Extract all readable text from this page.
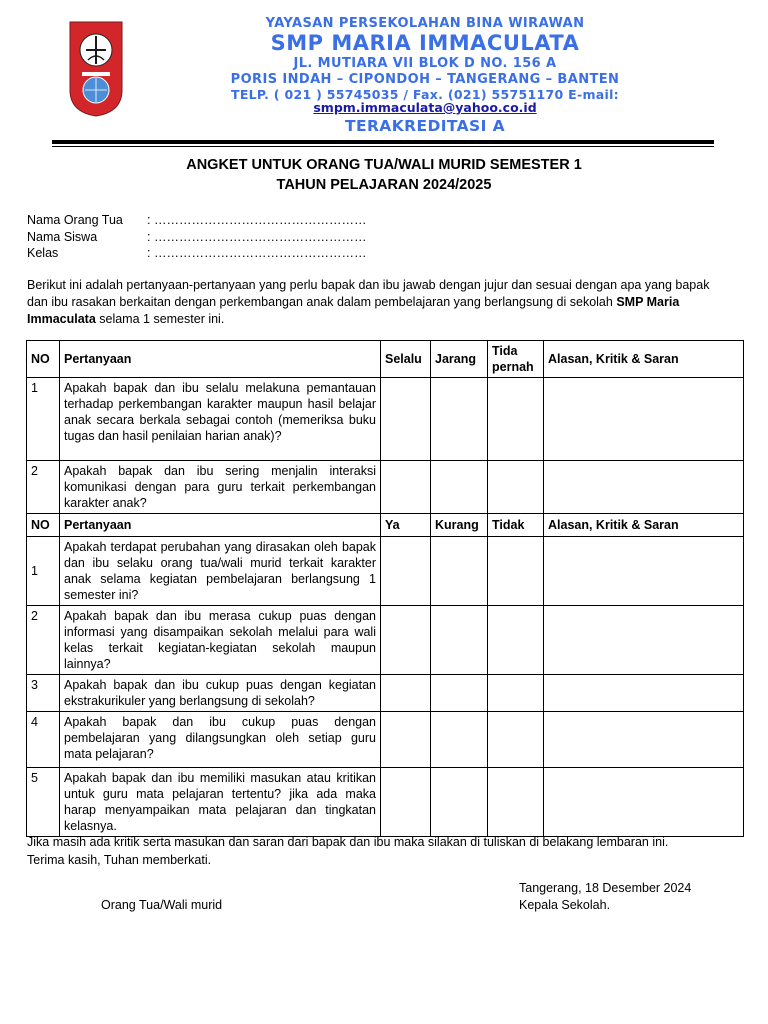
YAYASAN PERSEKOLAHAN BINA WIRAWAN
SMP MARIA IMMACULATA
JL. MUTIARA VII BLOK D NO. 156 A
PORIS INDAH – CIPONDOH – TANGERANG – BANTEN
TELP. ( 021 ) 55745035 / Fax. (021) 55751170 E-mail:
smpm.immaculata@yahoo.co.id
TERAKREDITASI A
ANGKET UNTUK ORANG TUA/WALI MURID SEMESTER 1
TAHUN PELAJARAN 2024/2025
Nama Orang Tua : ……………………………………………
Nama Siswa	: ……………………………………………
Kelas	: ……………………………………………
Berikut ini adalah pertanyaan-pertanyaan yang perlu bapak dan ibu jawab dengan jujur dan sesuai dengan apa yang bapak dan ibu rasakan berkaitan dengan perkembangan anak dalam pembelajaran yang berlangsung di sekolah SMP Maria Immaculata selama 1 semester ini.
NO	Pertanyaan	Selalu	Jarang	Tida pernah	Alasan, Kritik & Saran
1	Apakah bapak dan ibu selalu melakuna pemantauan terhadap perkembangan karakter maupun hasil belajar anak secara berkala sebagai contoh (memeriksa buku tugas dan hasil penilaian harian anak)?				
2	Apakah bapak dan ibu sering menjalin interaksi komunikasi dengan para guru terkait perkembangan karakter anak?				
NO	Pertanyaan	Ya	Kurang	Tidak	Alasan, Kritik & Saran
1	Apakah terdapat perubahan yang dirasakan oleh bapak dan ibu selaku orang tua/wali murid terkait karakter anak selama kegiatan pembelajaran berlangsung 1 semester ini?				
2	Apakah bapak dan ibu merasa cukup puas dengan informasi yang disampaikan sekolah melalui para wali kelas terkait kegiatan-kegiatan sekolah maupun lainnya?				
3	Apakah bapak dan ibu cukup puas dengan kegiatan ekstrakurikuler yang berlangsung di sekolah?				
4	Apakah bapak dan ibu cukup puas dengan pembelajaran yang dilangsungkan oleh setiap guru mata pelajaran?				
5	Apakah bapak dan ibu memiliki masukan atau kritikan untuk guru mata pelajaran tertentu? jika ada maka harap menyampaikan mata pelajaran dan tingkatan kelasnya.				
Jika masih ada kritik serta masukan dan saran dari bapak dan ibu maka silakan di tuliskan di belakang lembaran ini.
Terima kasih, Tuhan memberkati.
Tangerang, 18 Desember 2024
Orang Tua/Wali murid	Kepala Sekolah.
